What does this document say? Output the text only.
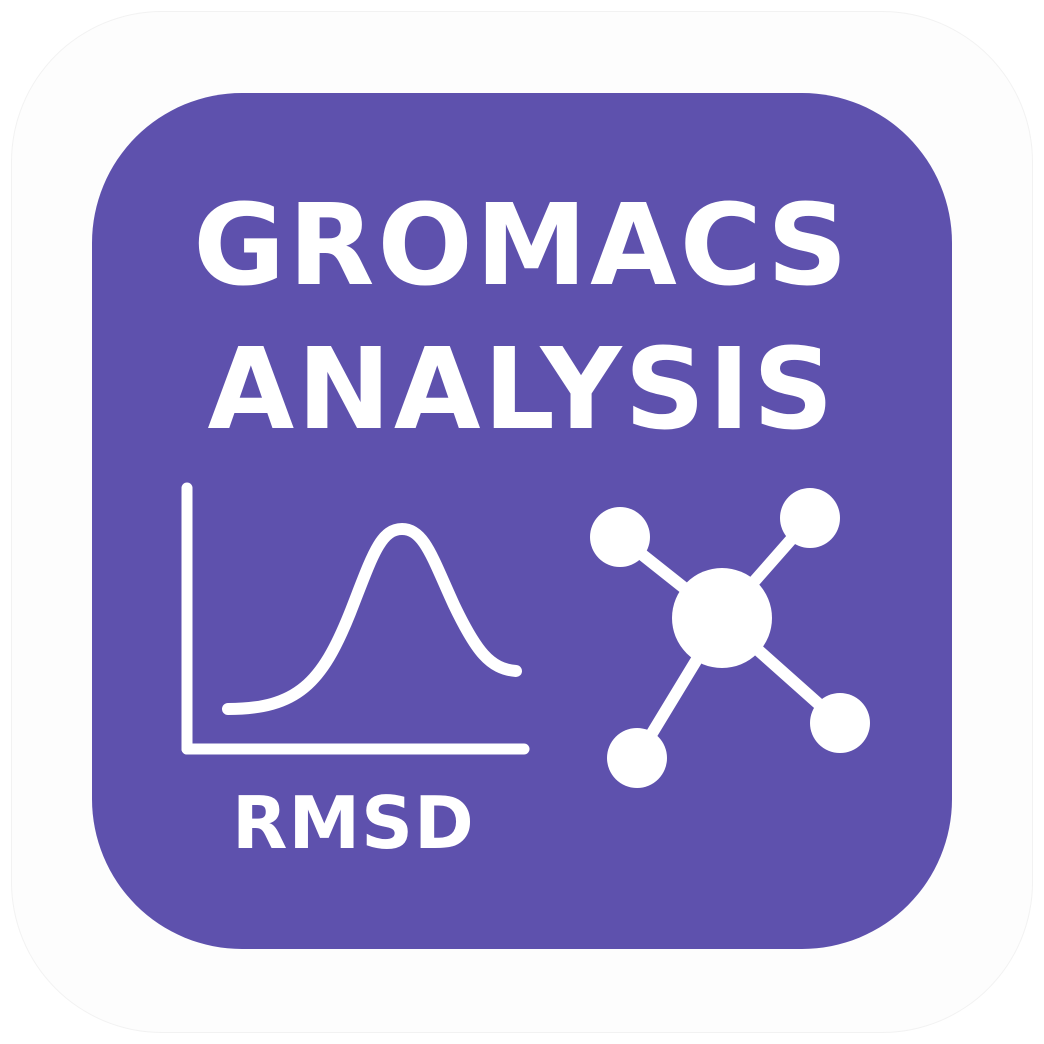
GROMACS
ANALYSIS
RMSD
